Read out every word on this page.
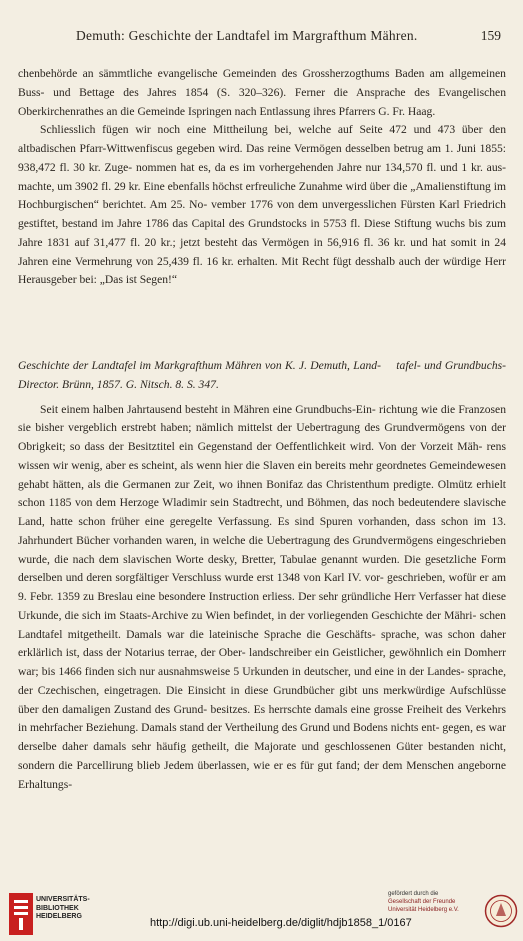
Demuth: Geschichte der Landtafel im Margrafthum Mähren.	159

chenbehörde an sämmtliche evangelische Gemeinden des Grossherzogthums Baden am allgemeinen Buss- und Bettage des Jahres 1854 (S. 320–326). Ferner die Ansprache des Evangelischen Oberkirchenrathes an die Gemeinde Ispringen nach Entlassung ihres Pfarrers G. Fr. Haag.

Schliesslich fügen wir noch eine Mittheilung bei, welche auf Seite 472 und 473 über den altbadischen Pfarr-Wittwenfiscus gegeben wird. Das reine Vermögen desselben betrug am 1. Juni 1855: 938,472 fl. 30 kr. Zuge- nommen hat es, da es im vorhergehenden Jahre nur 134,570 fl. und 1 kr. aus- machte, um 3902 fl. 29 kr. Eine ebenfalls höchst erfreuliche Zunahme wird über die „Amalienstiftung im Hochburgischen“ berichtet. Am 25. No- vember 1776 von dem unvergesslichen Fürsten Karl Friedrich gestiftet, bestand im Jahre 1786 das Capital des Grundstocks in 5753 fl. Diese Stiftung wuchs bis zum Jahre 1831 auf 31,477 fl. 20 kr.; jetzt besteht das Vermögen in 56,916 fl. 36 kr. und hat somit in 24 Jahren eine Vermehrung von 25,439 fl. 16 kr. erhalten. Mit Recht fügt desshalb auch der würdige Herr Herausgeber bei: „Das ist Segen!“

Geschichte der Landtafel im Markgrafthum Mähren von K. J. Demuth, Land- tafel- und Grundbuchs-Director. Brünn, 1857. G. Nitsch. 8. S. 347.

Seit einem halben Jahrtausend besteht in Mähren eine Grundbuchs-Ein- richtung wie die Franzosen sie bisher vergeblich erstrebt haben; nämlich mittelst der Uebertragung des Grundvermögens von der Obrigkeit; so dass der Besitztitel ein Gegenstand der Oeffentlichkeit wird. Von der Vorzeit Mäh- rens wissen wir wenig, aber es scheint, als wenn hier die Slaven ein bereits mehr geordnetes Gemeindewesen gehabt hätten, als die Germanen zur Zeit, wo ihnen Bonifaz das Christenthum predigte. Olmütz erhielt schon 1185 von dem Herzoge Wladimir sein Stadtrecht, und Böhmen, das noch bedeutendere slavische Land, hatte schon früher eine geregelte Verfassung. Es sind Spuren vorhanden, dass schon im 13. Jahrhundert Bücher vorhanden waren, in welche die Uebertragung des Grundvermögens eingeschrieben wurde, die nach dem slavischen Worte desky, Bretter, Tabulae genannt wurden. Die gesetzliche Form derselben und deren sorgfältiger Verschluss wurde erst 1348 von Karl IV. vor- geschrieben, wofür er am 9. Febr. 1359 zu Breslau eine besondere Instruction erliess. Der sehr gründliche Herr Verfasser hat diese Urkunde, die sich im Staats-Archive zu Wien befindet, in der vorliegenden Geschichte der Mähri- schen Landtafel mitgetheilt. Damals war die lateinische Sprache die Geschäfts- sprache, was schon daher erklärlich ist, dass der Notarius terrae, der Ober- landschreiber ein Geistlicher, gewöhnlich ein Domherr war; bis 1466 finden sich nur ausnahmsweise 5 Urkunden in deutscher, und eine in der Landes- sprache, der Czechischen, eingetragen. Die Einsicht in diese Grundbücher gibt uns merkwürdige Aufschlüsse über den damaligen Zustand des Grund- besitzes. Es herrschte damals eine grosse Freiheit des Verkehrs in mehrfacher Beziehung. Damals stand der Vertheilung des Grund und Bodens nichts ent- gegen, es war derselbe daher damals sehr häufig getheilt, die Majorate und geschlossenen Güter bestanden nicht, sondern die Parcellirung blieb Jedem überlassen, wie er es für gut fand; der dem Menschen angeborne Erhaltungs-

UNIVERSITÄTS-
BIBLIOTHEK
HEIDELBERG
http://digi.ub.uni-heidelberg.de/diglit/hdjb1858_1/0167
gefördert durch die
Gesellschaft der Freunde
Universität Heidelberg e.V.
